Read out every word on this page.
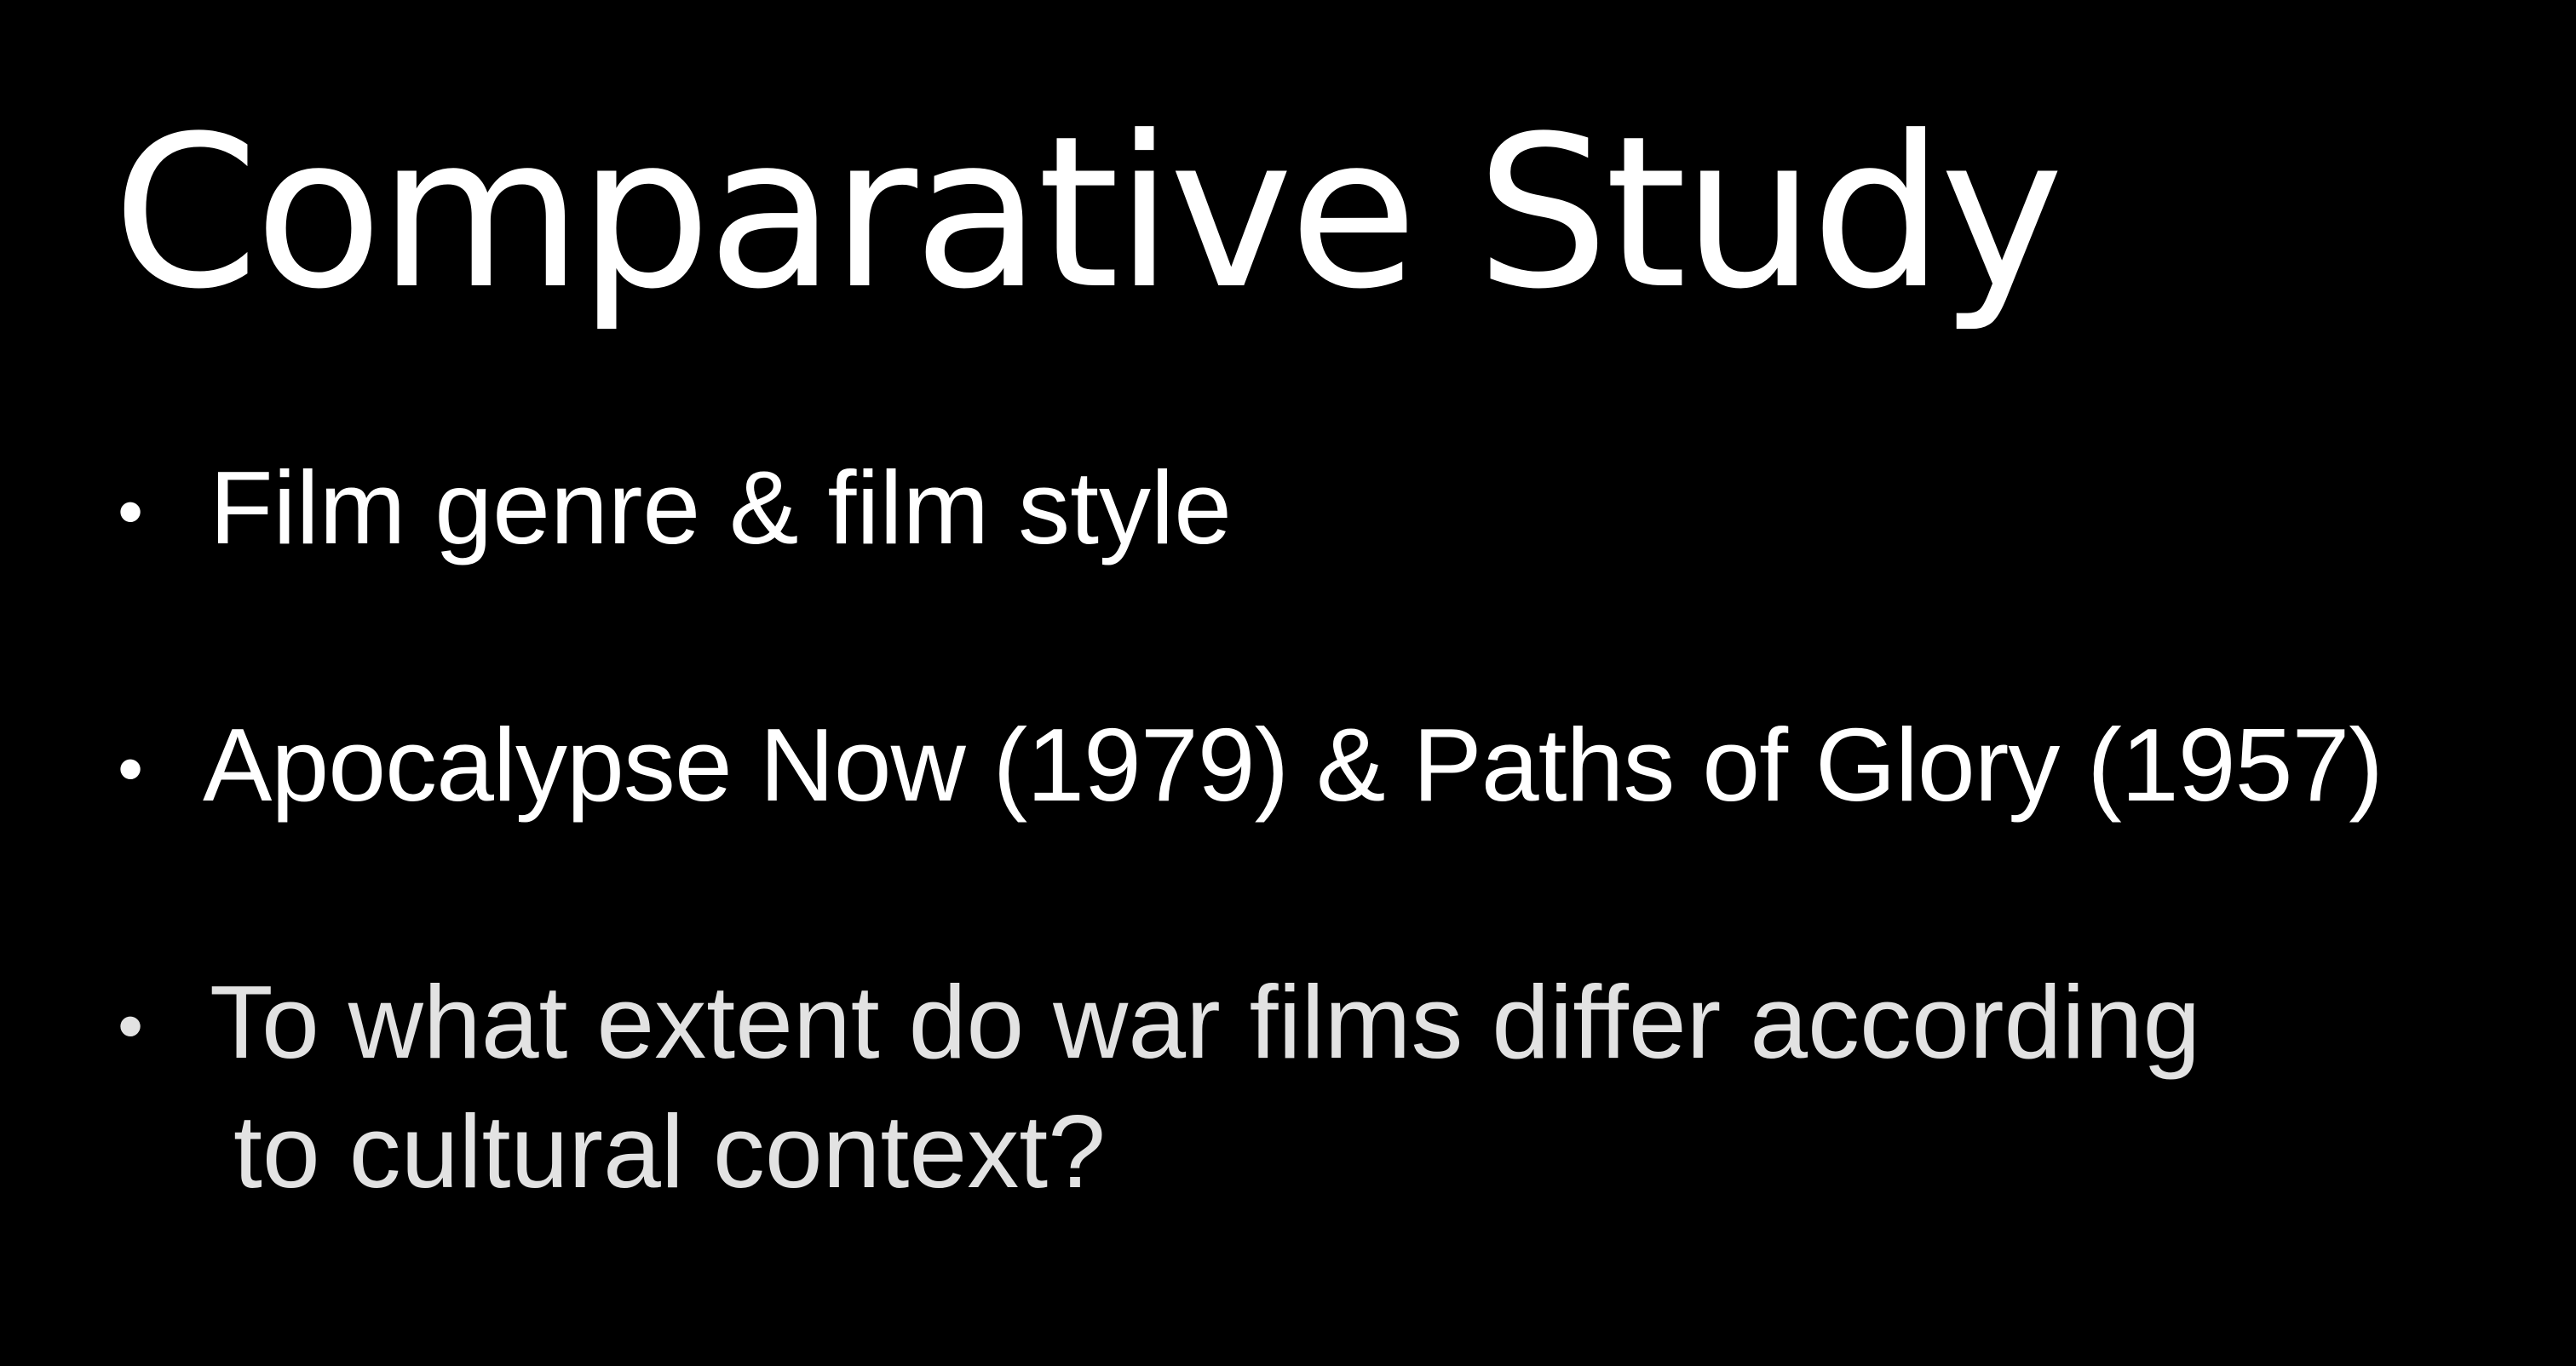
Comparative Study
• Film genre & film style
• Apocalypse Now (1979) & Paths of Glory (1957)
• To what extent do war films differ according
to cultural context?
